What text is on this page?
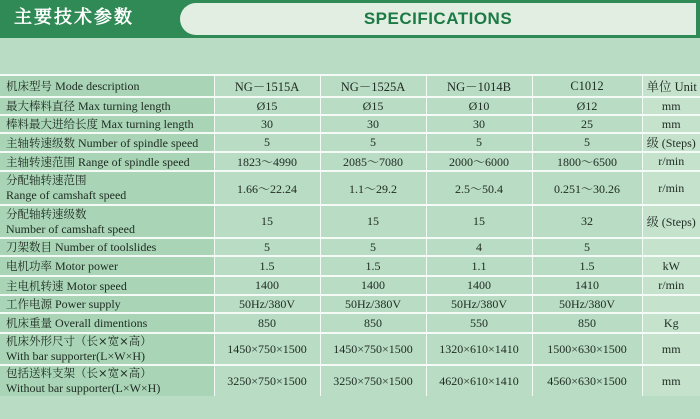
主要技术参数	SPECIFICATIONS
机床型号 Mode description	NG－1515A	NG－1525A	NG－1014B	C1012	单位 Unit
最大棒料直径 Max turning length	Ø15	Ø15	Ø10	Ø12	mm
棒料最大进给长度 Max turning length	30	30	30	25	mm
主轴转速级数 Number of spindle speed	5	5	5	5	级 (Steps)
主轴转速范围 Range of spindle speed	1823～4990	2085～7080	2000～6000	1800～6500	r/min

分配轴转速范围
Range of camshaft speed	1.66～22.24	1.1～29.2	2.5～50.4	0.251～30.26	r/min

分配轴转速级数
Number of camshaft speed	15	15	15	32	级 (Steps)
刀架数目 Number of toolslides	5	5	4	5	
电机功率 Motor power	1.5	1.5	1.1	1.5	kW
主电机转速 Motor speed	1400	1400	1400	1410	r/min
工作电源 Power supply	50Hz/380V	50Hz/380V	50Hz/380V	50Hz/380V	
机床重量 Overall dimentions	850	850	550	850	Kg

机床外形尺寸（长×宽×高）
With bar supporter(L×W×H)	1450×750×1500	1450×750×1500	1320×610×1410	1500×630×1500	mm

包括送料支架（长×宽×高）
Without bar supporter(L×W×H)	3250×750×1500	3250×750×1500	4620×610×1410	4560×630×1500	mm
